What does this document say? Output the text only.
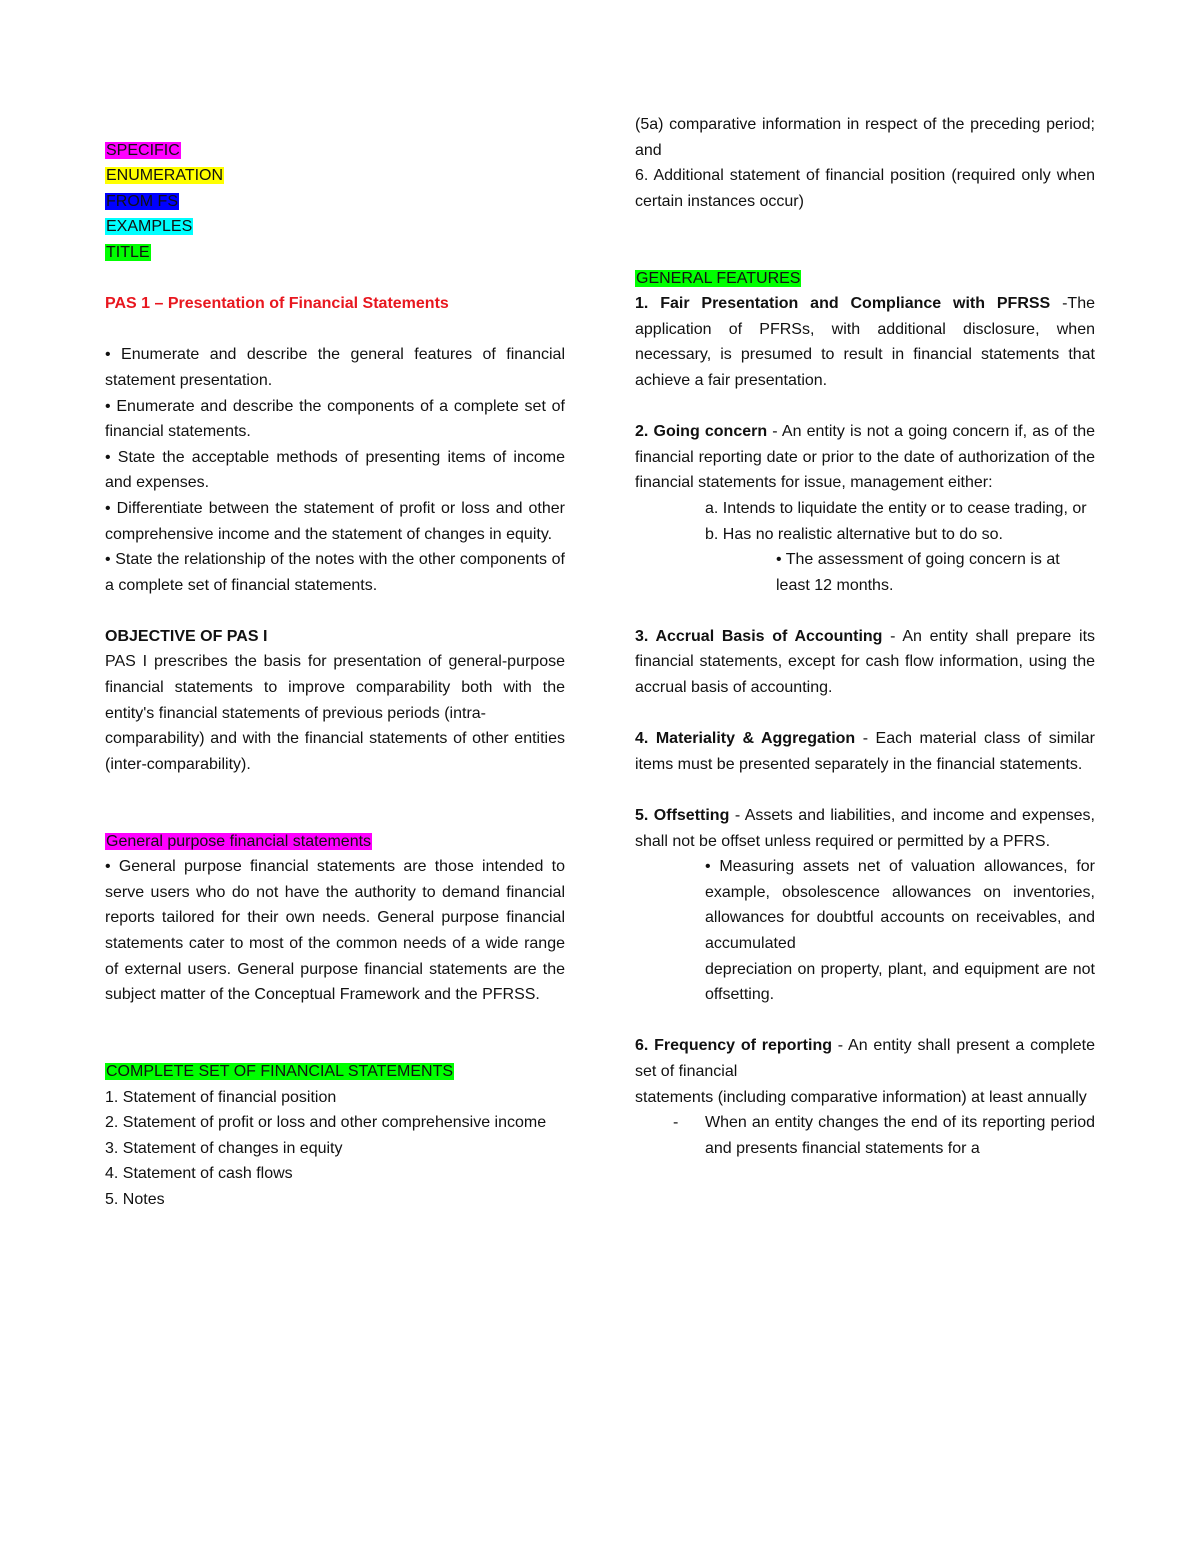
SPECIFIC

ENUMERATION

FROM FS

EXAMPLES

TITLE

PAS 1 – Presentation of Financial Statements

• Enumerate and describe the general features of financial statement presentation.

• Enumerate and describe the components of a complete set of financial statements.

• State the acceptable methods of presenting items of income and expenses.

• Differentiate between the statement of profit or loss and other comprehensive income and the statement of changes in equity.

• State the relationship of the notes with the other components of a complete set of financial statements.

OBJECTIVE OF PAS I

PAS I prescribes the basis for presentation of general-purpose financial statements to improve comparability both with the entity's financial statements of previous periods (intra-

comparability) and with the financial statements of other entities (inter-comparability).

General purpose financial statements

• General purpose financial statements are those intended to serve users who do not have the authority to demand financial reports tailored for their own needs. General purpose financial statements cater to most of the common needs of a wide range of external users. General purpose financial statements are the subject matter of the Conceptual Framework and the PFRSS.

COMPLETE SET OF FINANCIAL STATEMENTS

1. Statement of financial position

2. Statement of profit or loss and other comprehensive income

3. Statement of changes in equity

4. Statement of cash flows

5. Notes

(5a) comparative information in respect of the preceding period; and

6. Additional statement of financial position (required only when certain instances occur)

GENERAL FEATURES

1. Fair Presentation and Compliance with PFRSS -The application of PFRSs, with additional disclosure, when necessary, is presumed to result in financial statements that achieve a fair presentation.

2. Going concern - An entity is not a going concern if, as of the financial reporting date or prior to the date of authorization of the financial statements for issue, management either:

a. Intends to liquidate the entity or to cease trading, or

b. Has no realistic alternative but to do so.

• The assessment of going concern is at least 12 months.

3. Accrual Basis of Accounting - An entity shall prepare its financial statements, except for cash flow information, using the accrual basis of accounting.

4. Materiality & Aggregation - Each material class of similar items must be presented separately in the financial statements.

5. Offsetting - Assets and liabilities, and income and expenses, shall not be offset unless required or permitted by a PFRS.

• Measuring assets net of valuation allowances, for example, obsolescence allowances on inventories, allowances for doubtful accounts on receivables, and accumulated

depreciation on property, plant, and equipment are not offsetting.

6. Frequency of reporting - An entity shall present a complete set of financial

statements (including comparative information) at least annually

- When an entity changes the end of its reporting period and presents financial statements for a
